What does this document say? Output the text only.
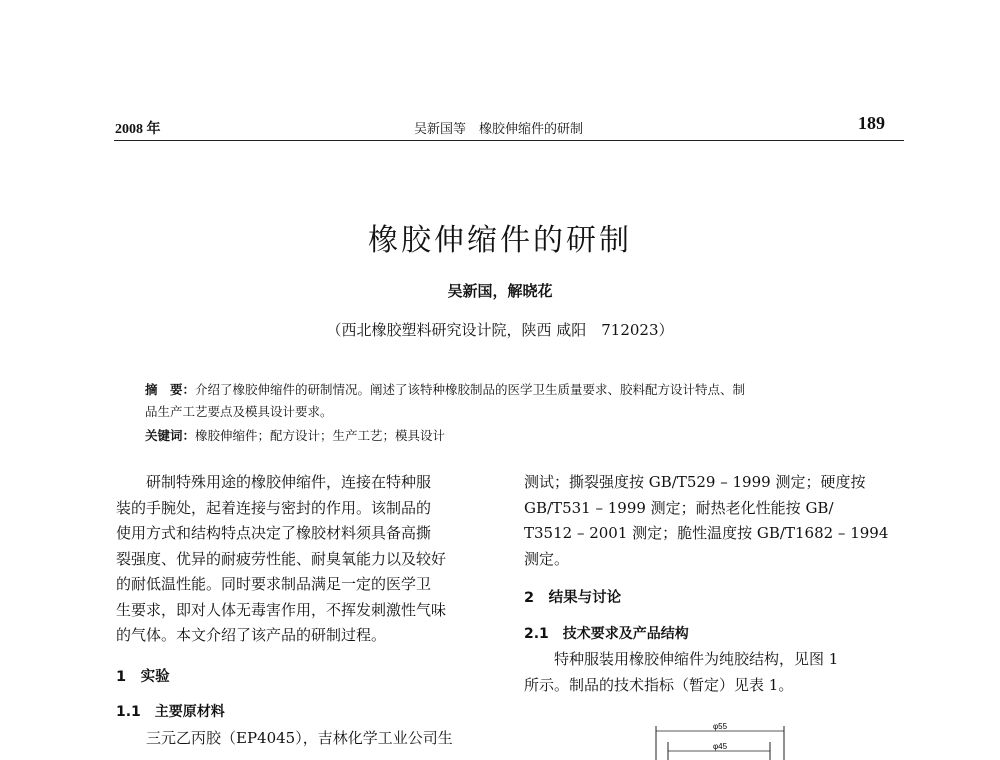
2008 年	吴新国等　橡胶伸缩件的研制	189
橡胶伸缩件的研制
吴新国，解晓花
（西北橡胶塑料研究设计院，陕西 咸阳　712023）
摘　要：介绍了橡胶伸缩件的研制情况。阐述了该特种橡胶制品的医学卫生质量要求、胶料配方设计特点、制
品生产工艺要点及模具设计要求。
关键词：橡胶伸缩件；配方设计；生产工艺；模具设计

研制特殊用途的橡胶伸缩件，连接在特种服

装的手腕处，起着连接与密封的作用。该制品的

使用方式和结构特点决定了橡胶材料须具备高撕

裂强度、优异的耐疲劳性能、耐臭氧能力以及较好

的耐低温性能。同时要求制品满足一定的医学卫

生要求，即对人体无毒害作用，不挥发刺激性气味

的气体。本文介绍了该产品的研制过程。

1　实验
1.1　主要原材料

三元乙丙胶（EP4045），吉林化学工业公司生

测试；撕裂强度按 GB/T529 – 1999 测定；硬度按

GB/T531 – 1999 测定；耐热老化性能按 GB/

T3512 – 2001 测定；脆性温度按 GB/T1682 – 1994

测定。

2　结果与讨论
2.1　技术要求及产品结构

特种服装用橡胶伸缩件为纯胶结构，见图 1

所示。制品的技术指标（暂定）见表 1。

φ55
φ45
